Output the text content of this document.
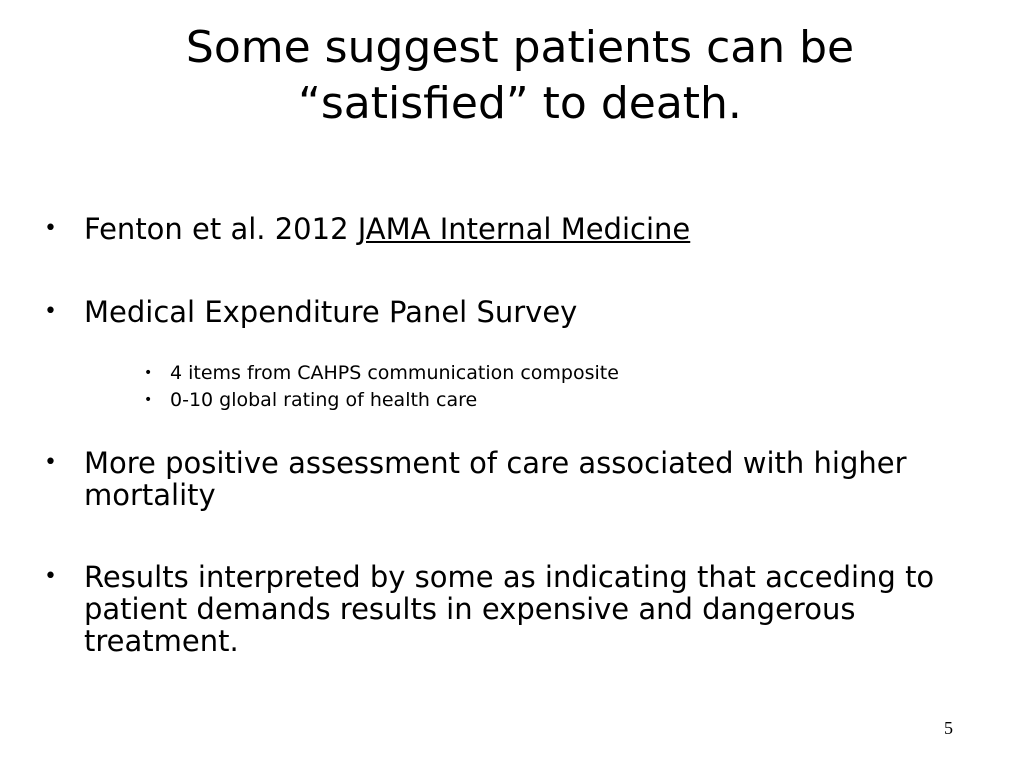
Some suggest patients can be
“satisfied” to death.
• Fenton et al. 2012 JAMA Internal Medicine
• Medical Expenditure Panel Survey
• 4 items from CAHPS communication composite
• 0-10 global rating of health care
• More positive assessment of care associated with higher mortality
• Results interpreted by some as indicating that acceding to patient demands results in expensive and dangerous treatment.
5
